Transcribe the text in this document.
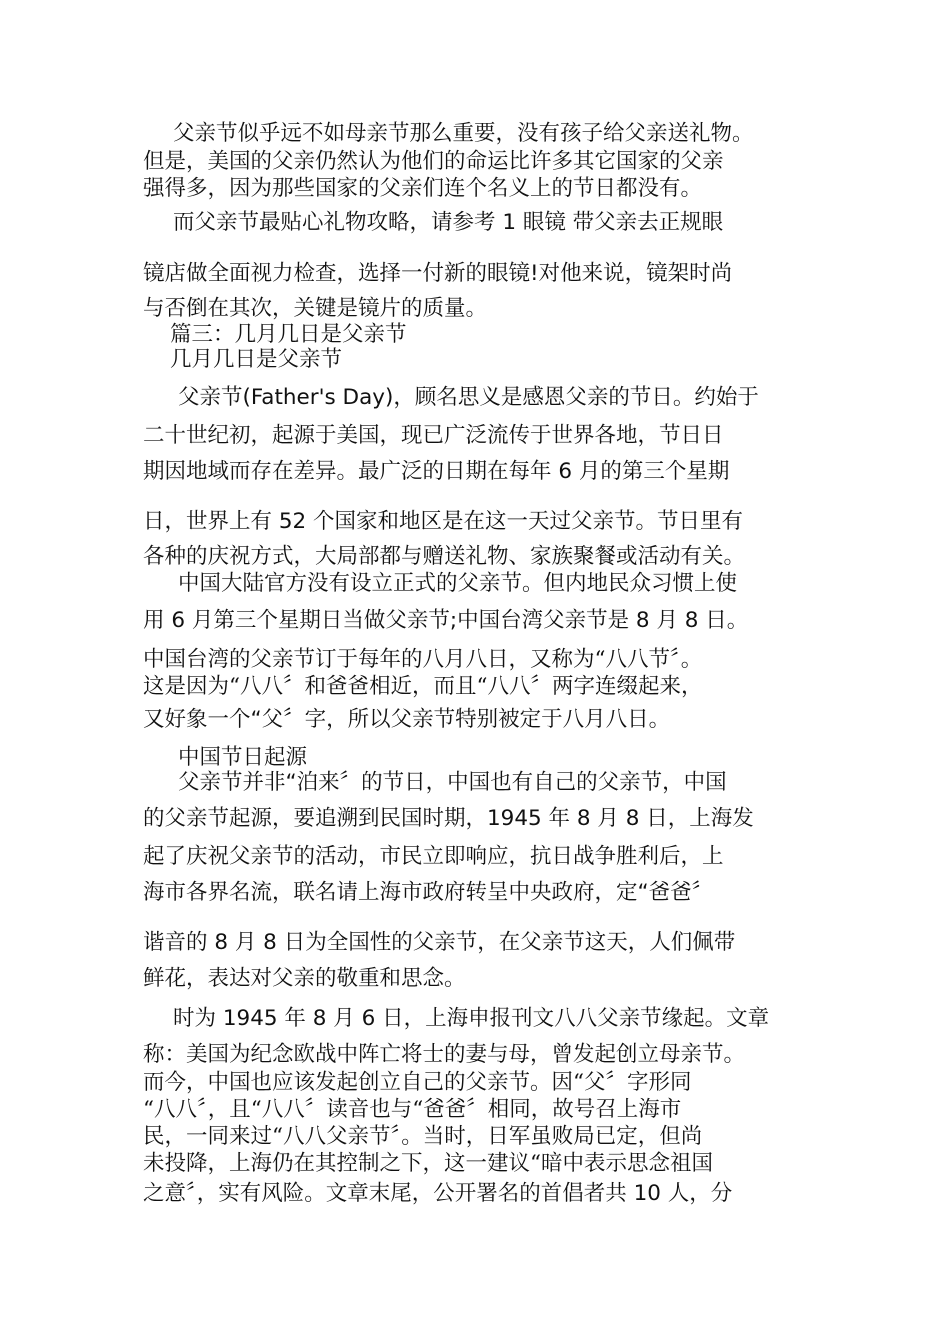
父亲节似乎远不如母亲节那么重要，没有孩子给父亲送礼物。

但是，美国的父亲仍然认为他们的命运比许多其它国家的父亲

强得多，因为那些国家的父亲们连个名义上的节日都没有。

而父亲节最贴心礼物攻略，请参考 1 眼镜 带父亲去正规眼

镜店做全面视力检查，选择一付新的眼镜!对他来说，镜架时尚

与否倒在其次，关键是镜片的质量。

篇三：几月几日是父亲节

几月几日是父亲节

父亲节(Father's Day)，顾名思义是感恩父亲的节日。约始于

二十世纪初，起源于美国，现已广泛流传于世界各地，节日日

期因地域而存在差异。最广泛的日期在每年 6 月的第三个星期

日，世界上有 52 个国家和地区是在这一天过父亲节。节日里有

各种的庆祝方式，大局部都与赠送礼物、家族聚餐或活动有关。

中国大陆官方没有设立正式的父亲节。但内地民众习惯上使

用 6 月第三个星期日当做父亲节;中国台湾父亲节是 8 月 8 日。

中国台湾的父亲节订于每年的八月八日，又称为“八八节〞。

这是因为“八八〞和爸爸相近，而且“八八〞两字连缀起来，

又好象一个“父〞字，所以父亲节特别被定于八月八日。

中国节日起源

父亲节并非“泊来〞的节日，中国也有自己的父亲节，中国

的父亲节起源，要追溯到民国时期，1945 年 8 月 8 日，上海发

起了庆祝父亲节的活动，市民立即响应，抗日战争胜利后，上

海市各界名流，联名请上海市政府转呈中央政府，定“爸爸〞

谐音的 8 月 8 日为全国性的父亲节，在父亲节这天，人们佩带

鲜花，表达对父亲的敬重和思念。

时为 1945 年 8 月 6 日，上海申报刊文八八父亲节缘起。文章

称：美国为纪念欧战中阵亡将士的妻与母，曾发起创立母亲节。

而今，中国也应该发起创立自己的父亲节。因“父〞字形同

“八八〞，且“八八〞读音也与“爸爸〞相同，故号召上海市

民，一同来过“八八父亲节〞。当时，日军虽败局已定，但尚

未投降，上海仍在其控制之下，这一建议“暗中表示思念祖国

之意〞，实有风险。文章末尾，公开署名的首倡者共 10 人，分
